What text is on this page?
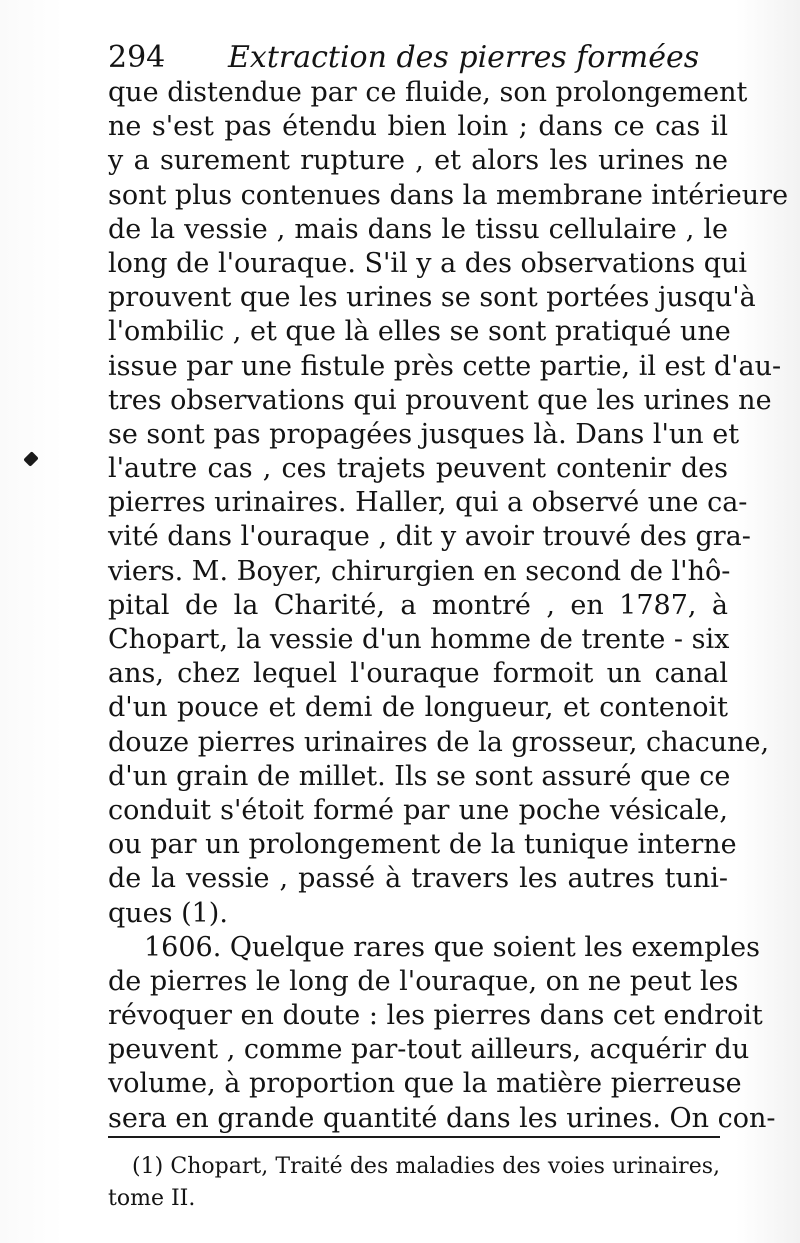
294 Extraction des pierres formées
que distendue par ce fluide, son prolongement
ne s'est pas étendu bien loin ; dans ce cas il
y a surement rupture , et alors les urines ne
sont plus contenues dans la membrane intérieure
de la vessie , mais dans le tissu cellulaire , le
long de l'ouraque. S'il y a des observations qui
prouvent que les urines se sont portées jusqu'à
l'ombilic , et que là elles se sont pratiqué une
issue par une fistule près cette partie, il est d'au-
tres observations qui prouvent que les urines ne
se sont pas propagées jusques là. Dans l'un et
l'autre cas , ces trajets peuvent contenir des
pierres urinaires. Haller, qui a observé une ca-
vité dans l'ouraque , dit y avoir trouvé des gra-
viers. M. Boyer, chirurgien en second de l'hô-
pital de la Charité, a montré , en 1787, à
Chopart, la vessie d'un homme de trente - six
ans, chez lequel l'ouraque formoit un canal
d'un pouce et demi de longueur, et contenoit
douze pierres urinaires de la grosseur, chacune,
d'un grain de millet. Ils se sont assuré que ce
conduit s'étoit formé par une poche vésicale,
ou par un prolongement de la tunique interne
de la vessie , passé à travers les autres tuni-
ques (1).
1606. Quelque rares que soient les exemples
de pierres le long de l'ouraque, on ne peut les
révoquer en doute : les pierres dans cet endroit
peuvent , comme par-tout ailleurs, acquérir du
volume, à proportion que la matière pierreuse
sera en grande quantité dans les urines. On con-
(1) Chopart, Traité des maladies des voies urinaires,
tome II.
